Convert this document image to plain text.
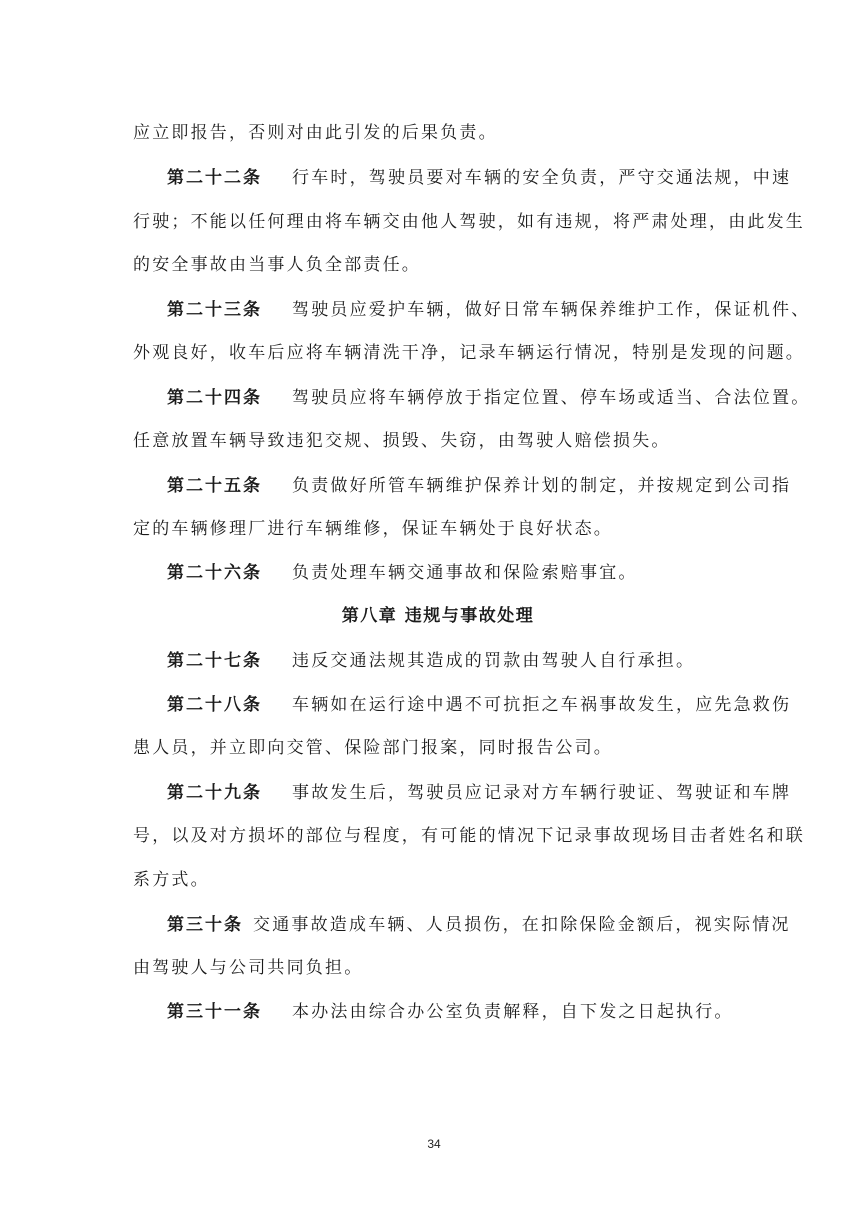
应立即报告，否则对由此引发的后果负责。
第二十二条 行车时，驾驶员要对车辆的安全负责，严守交通法规，中速
行驶；不能以任何理由将车辆交由他人驾驶，如有违规，将严肃处理，由此发生
的安全事故由当事人负全部责任。
第二十三条 驾驶员应爱护车辆，做好日常车辆保养维护工作，保证机件、
外观良好，收车后应将车辆清洗干净，记录车辆运行情况，特别是发现的问题。
第二十四条 驾驶员应将车辆停放于指定位置、停车场或适当、合法位置。
任意放置车辆导致违犯交规、损毁、失窃，由驾驶人赔偿损失。
第二十五条 负责做好所管车辆维护保养计划的制定，并按规定到公司指
定的车辆修理厂进行车辆维修，保证车辆处于良好状态。
第二十六条 负责处理车辆交通事故和保险索赔事宜。
第八章 违规与事故处理
第二十七条 违反交通法规其造成的罚款由驾驶人自行承担。
第二十八条 车辆如在运行途中遇不可抗拒之车祸事故发生，应先急救伤
患人员，并立即向交管、保险部门报案，同时报告公司。
第二十九条 事故发生后，驾驶员应记录对方车辆行驶证、驾驶证和车牌
号，以及对方损坏的部位与程度，有可能的情况下记录事故现场目击者姓名和联
系方式。
第三十条 交通事故造成车辆、人员损伤，在扣除保险金额后，视实际情况
由驾驶人与公司共同负担。
第三十一条 本办法由综合办公室负责解释，自下发之日起执行。
34
